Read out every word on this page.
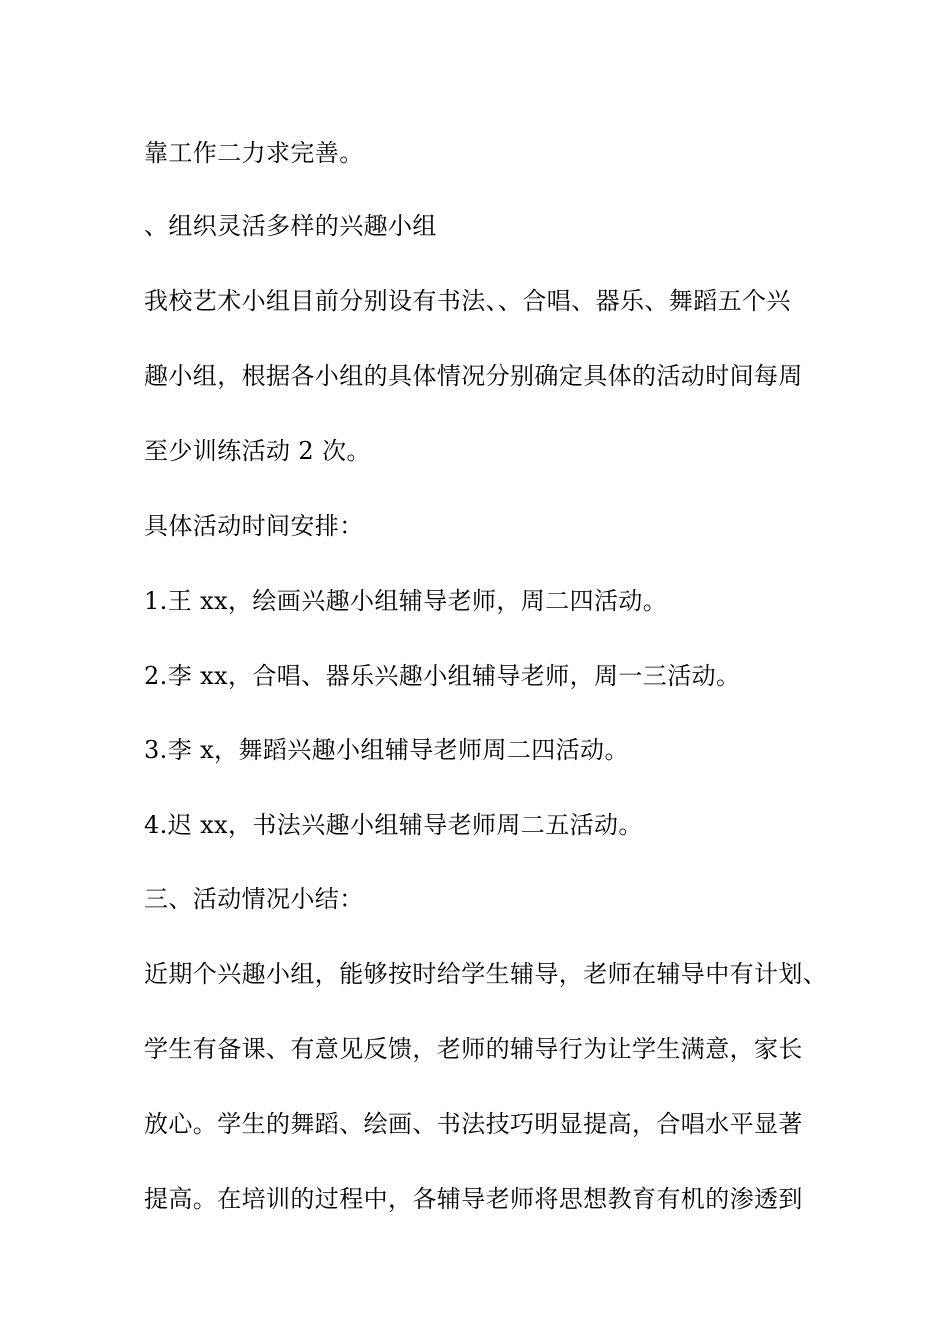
靠工作二力求完善。
、组织灵活多样的兴趣小组
我校艺术小组目前分别设有书法、、合唱、器乐、舞蹈五个兴
趣小组，根据各小组的具体情况分别确定具体的活动时间每周
至少训练活动 2 次。
具体活动时间安排：
1.王 xx，绘画兴趣小组辅导老师，周二四活动。
2.李 xx，合唱、器乐兴趣小组辅导老师，周一三活动。
3.李 x，舞蹈兴趣小组辅导老师周二四活动。
4.迟 xx，书法兴趣小组辅导老师周二五活动。
三、活动情况小结：
近期个兴趣小组，能够按时给学生辅导，老师在辅导中有计划、
学生有备课、有意见反馈，老师的辅导行为让学生满意，家长
放心。学生的舞蹈、绘画、书法技巧明显提高，合唱水平显著
提高。在培训的过程中，各辅导老师将思想教育有机的渗透到
